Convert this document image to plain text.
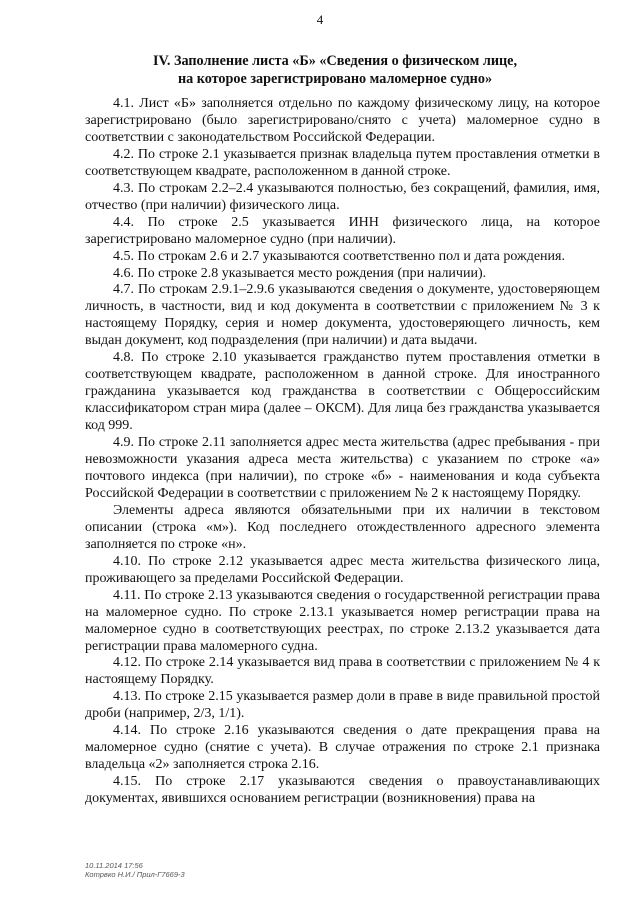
4
IV. Заполнение листа «Б» «Сведения о физическом лице,
на которое зарегистрировано маломерное судно»

4.1. Лист «Б» заполняется отдельно по каждому физическому лицу, на которое зарегистрировано (было зарегистрировано/снято с учета) маломерное судно в соответствии с законодательством Российской Федерации.

4.2. По строке 2.1 указывается признак владельца путем проставления отметки в соответствующем квадрате, расположенном в данной строке.

4.3. По строкам 2.2–2.4 указываются полностью, без сокращений, фамилия, имя, отчество (при наличии) физического лица.

4.4. По строке 2.5 указывается ИНН физического лица, на которое зарегистрировано маломерное судно (при наличии).

4.5. По строкам 2.6 и 2.7 указываются соответственно пол и дата рождения.

4.6. По строке 2.8 указывается место рождения (при наличии).

4.7. По строкам 2.9.1–2.9.6 указываются сведения о документе, удостоверяющем личность, в частности, вид и код документа в соответствии с приложением № 3 к настоящему Порядку, серия и номер документа, удостоверяющего личность, кем выдан документ, код подразделения (при наличии) и дата выдачи.

4.8. По строке 2.10 указывается гражданство путем проставления отметки в соответствующем квадрате, расположенном в данной строке. Для иностранного гражданина указывается код гражданства в соответствии с Общероссийским классификатором стран мира (далее – ОКСМ). Для лица без гражданства указывается код 999.

4.9. По строке 2.11 заполняется адрес места жительства (адрес пребывания - при невозможности указания адреса места жительства) с указанием по строке «а» почтового индекса (при наличии), по строке «б» - наименования и кода субъекта Российской Федерации в соответствии с приложением № 2 к настоящему Порядку.

Элементы адреса являются обязательными при их наличии в текстовом описании (строка «м»). Код последнего отождествленного адресного элемента заполняется по строке «н».

4.10. По строке 2.12 указывается адрес места жительства физического лица, проживающего за пределами Российской Федерации.

4.11. По строке 2.13 указываются сведения о государственной регистрации права на маломерное судно. По строке 2.13.1 указывается номер регистрации права на маломерное судно в соответствующих реестрах, по строке 2.13.2 указывается дата регистрации права маломерного судна.

4.12. По строке 2.14 указывается вид права в соответствии с приложением № 4 к настоящему Порядку.

4.13. По строке 2.15 указывается размер доли в праве в виде правильной простой дроби (например, 2/3, 1/1).

4.14. По строке 2.16 указываются сведения о дате прекращения права на маломерное судно (снятие с учета). В случае отражения по строке 2.1 признака владельца «2» заполняется строка 2.16.

4.15. По строке 2.17 указываются сведения о правоустанавливающих документах, явившихся основанием регистрации (возникновения) права на

10.11.2014 17:56
Котрвко Н.И./ Прил-Г7669-3
